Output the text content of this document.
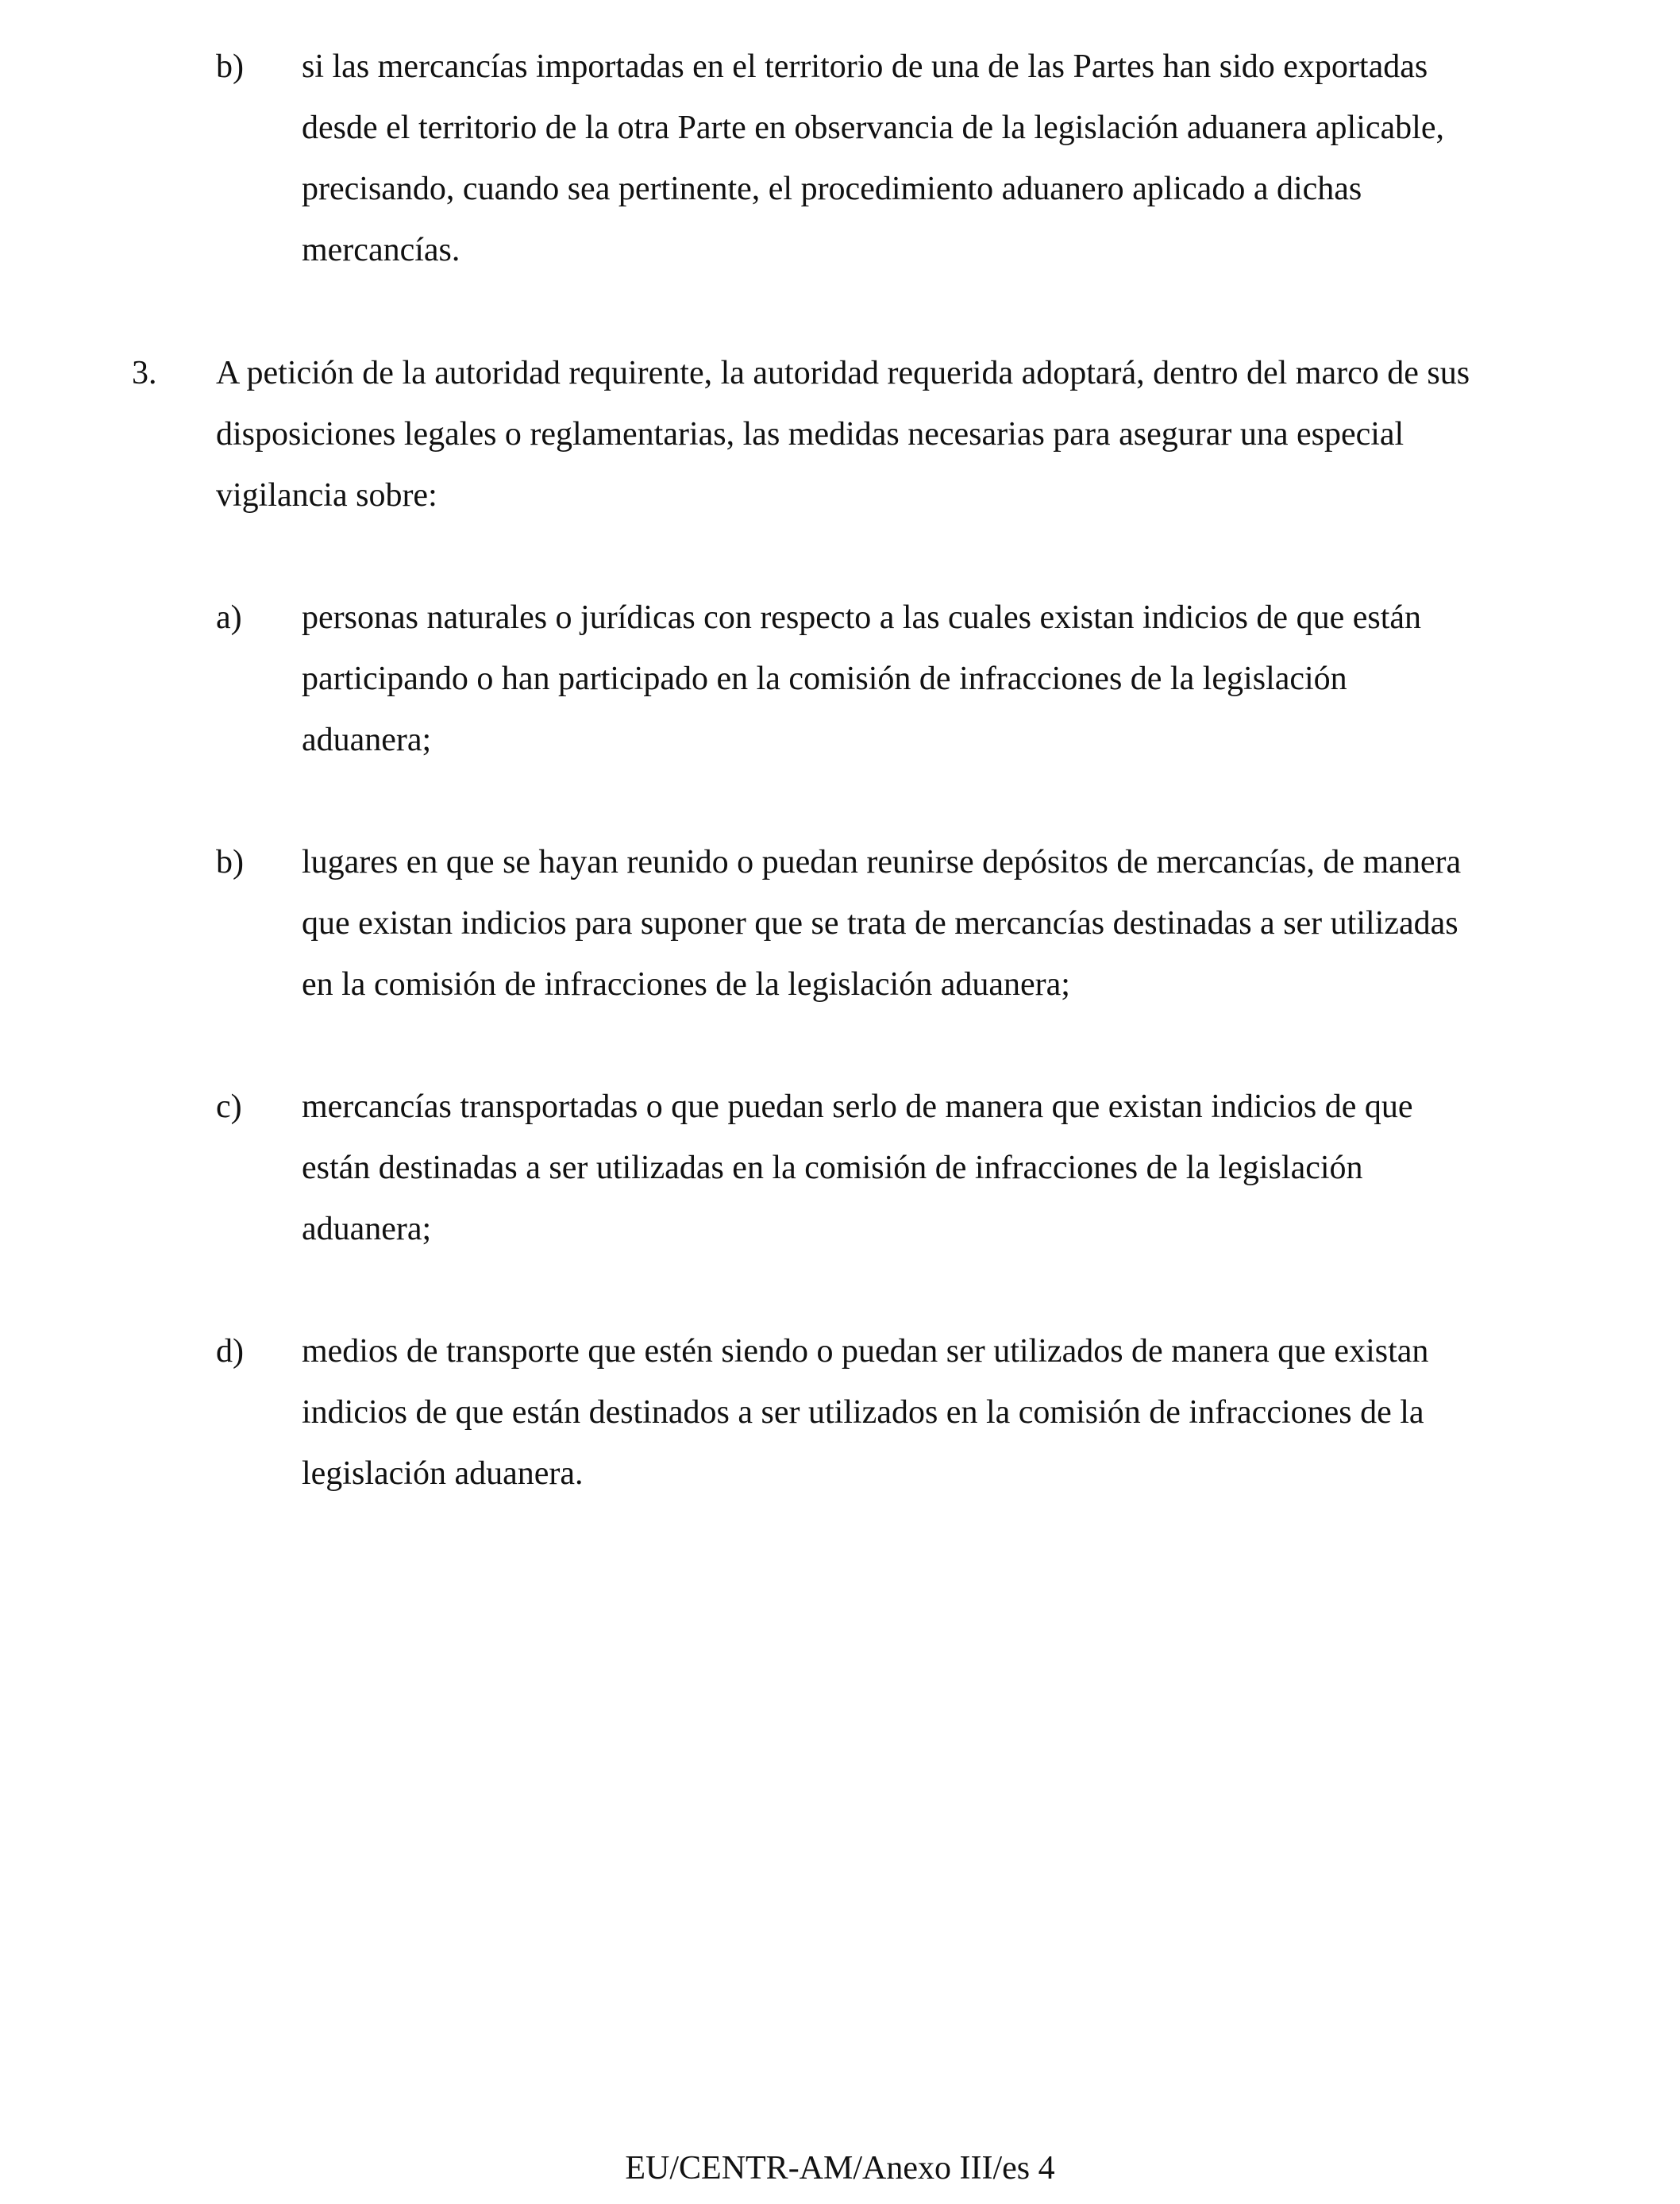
b) si las mercancías importadas en el territorio de una de las Partes han sido exportadas
desde el territorio de la otra Parte en observancia de la legislación aduanera aplicable,
precisando, cuando sea pertinente, el procedimiento aduanero aplicado a dichas
mercancías.
3. A petición de la autoridad requirente, la autoridad requerida adoptará, dentro del marco de sus
disposiciones legales o reglamentarias, las medidas necesarias para asegurar una especial
vigilancia sobre:
a) personas naturales o jurídicas con respecto a las cuales existan indicios de que están
participando o han participado en la comisión de infracciones de la legislación
aduanera;
b) lugares en que se hayan reunido o puedan reunirse depósitos de mercancías, de manera
que existan indicios para suponer que se trata de mercancías destinadas a ser utilizadas
en la comisión de infracciones de la legislación aduanera;
c) mercancías transportadas o que puedan serlo de manera que existan indicios de que
están destinadas a ser utilizadas en la comisión de infracciones de la legislación
aduanera;
d) medios de transporte que estén siendo o puedan ser utilizados de manera que existan
indicios de que están destinados a ser utilizados en la comisión de infracciones de la
legislación aduanera.
EU/CENTR-AM/Anexo III/es 4
